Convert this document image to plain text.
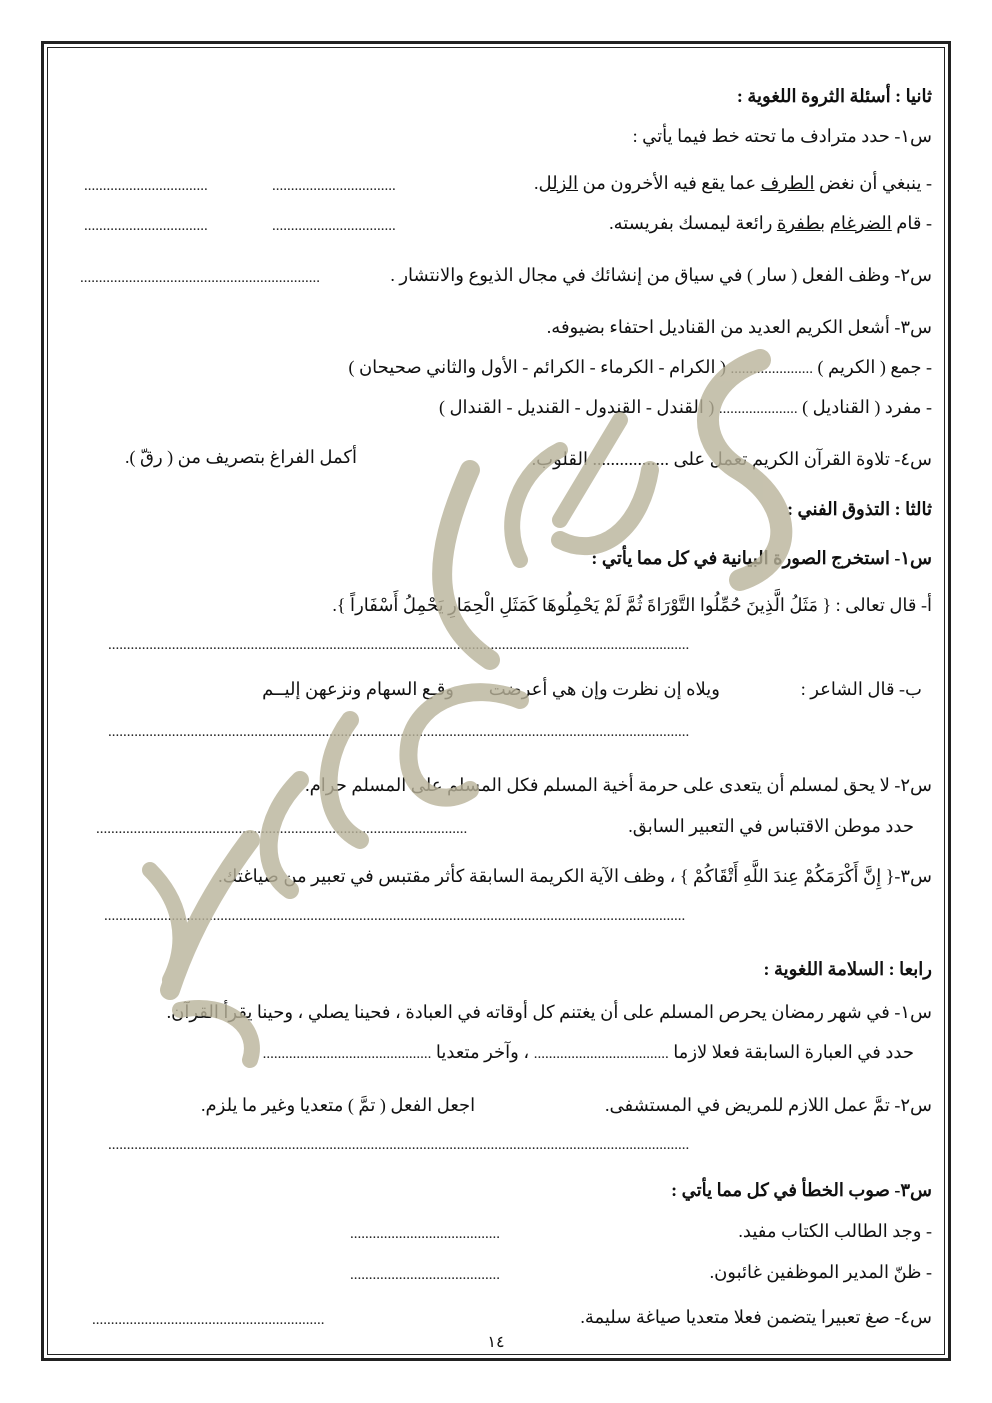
ثانيا : أسئلة الثروة اللغوية :
س١- حدد مترادف ما تحته خط فيما يأتي :
- ينبغي أن نغض الطرف عما يقع فيه الأخرون من الزلل.
.................................
.................................
- قام الضرغام بطفرة رائعة ليمسك بفريسته.
.................................
.................................
س٢- وظف الفعل ( سار ) في سياق من إنشائك في مجال الذيوع والانتشار .
................................................................
س٣- أشعل الكريم العديد من القناديل احتفاء بضيوفه.
- جمع ( الكريم ) ...................... ( الكرام - الكرماء - الكرائم - الأول والثاني صحيحان )
- مفرد ( القناديل ) ..................... ( القندل - القندول - القنديل - القندال )
س٤- تلاوة القرآن الكريم تعمل على ................. القلوب.
أكمل الفراغ بتصريف من ( رقّ ).
ثالثا : التذوق الفني :
س١- استخرج الصورة البيانية في كل مما يأتي :
أ- قال تعالى : { مَثَلُ الَّذِينَ حُمِّلُوا التَّوْرَاةَ ثُمَّ لَمْ يَحْمِلُوهَا كَمَثَلِ الْحِمَارِ يَحْمِلُ أَسْفَاراً }.
...........................................................................................................................................................
ب- قال الشاعر :
ويلاه إن نظرت وإن هي أعرضت
وقـع السهام ونزعهن إليــم
...........................................................................................................................................................
س٢- لا يحق لمسلم أن يتعدى على حرمة أخية المسلم فكل المسلم على المسلم حرام.
حدد موطن الاقتباس في التعبير السابق.
...................................................................................................
س٣-{ إِنَّ أَكْرَمَكُمْ عِندَ اللَّهِ أَتْقَاكُمْ } ، وظف الآية الكريمة السابقة كأثر مقتبس في تعبير من صياغتك.
...........................................................................................................................................................
رابعا : السلامة اللغوية :
س١- في شهر رمضان يحرص المسلم على أن يغتنم كل أوقاته في العبادة ، فحينا يصلي ، وحينا يقرأ القرآن.
حدد في العبارة السابقة فعلا لازما .................................... ، وآخر متعديا .............................................
س٢- تمَّ عمل اللازم للمريض في المستشفى.
اجعل الفعل ( تمَّ ) متعديا وغير ما يلزم.
...........................................................................................................................................................
س٣- صوب الخطأ في كل مما يأتي :
- وجد الطالب الكتاب مفيد.
........................................
- ظنّ المدير الموظفين غائبون.
........................................
س٤- صغ تعبيرا يتضمن فعلا متعديا صياغة سليمة.
..............................................................
١٤
